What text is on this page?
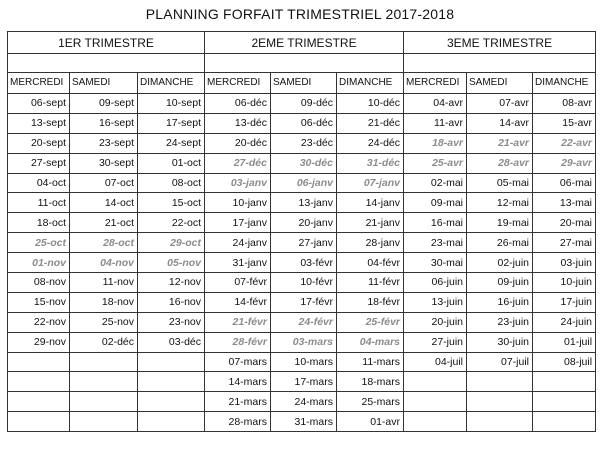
PLANNING FORFAIT TRIMESTRIEL 2017-2018
1ER TRIMESTRE			2EME TRIMESTRE			3EME TRIMESTRE		

MERCREDI	SAMEDI	DIMANCHE	MERCREDI	SAMEDI	DIMANCHE	MERCREDI	SAMEDI	DIMANCHE
06-sept	09-sept	10-sept	06-déc	09-déc	10-déc	04-avr	07-avr	08-avr
13-sept	16-sept	17-sept	13-déc	06-déc	21-déc	11-avr	14-avr	15-avr
20-sept	23-sept	24-sept	20-déc	23-déc	24-déc	18-avr	21-avr	22-avr
27-sept	30-sept	01-oct	27-déc	30-déc	31-déc	25-avr	28-avr	29-avr
04-oct	07-oct	08-oct	03-janv	06-janv	07-janv	02-mai	05-mai	06-mai
11-oct	14-oct	15-oct	10-janv	13-janv	14-janv	09-mai	12-mai	13-mai
18-oct	21-oct	22-oct	17-janv	20-janv	21-janv	16-mai	19-mai	20-mai
25-oct	28-oct	29-oct	24-janv	27-janv	28-janv	23-mai	26-mai	27-mai
01-nov	04-nov	05-nov	31-janv	03-févr	04-févr	30-mai	02-juin	03-juin
08-nov	11-nov	12-nov	07-févr	10-févr	11-févr	06-juin	09-juin	10-juin
15-nov	18-nov	16-nov	14-févr	17-févr	18-févr	13-juin	16-juin	17-juin
22-nov	25-nov	23-nov	21-févr	24-févr	25-févr	20-juin	23-juin	24-juin
29-nov	02-déc	03-déc	28-févr	03-mars	04-mars	27-juin	30-juin	01-juil
			07-mars	10-mars	11-mars	04-juil	07-juil	08-juil
			14-mars	17-mars	18-mars			
			21-mars	24-mars	25-mars			
			28-mars	31-mars	01-avr			
